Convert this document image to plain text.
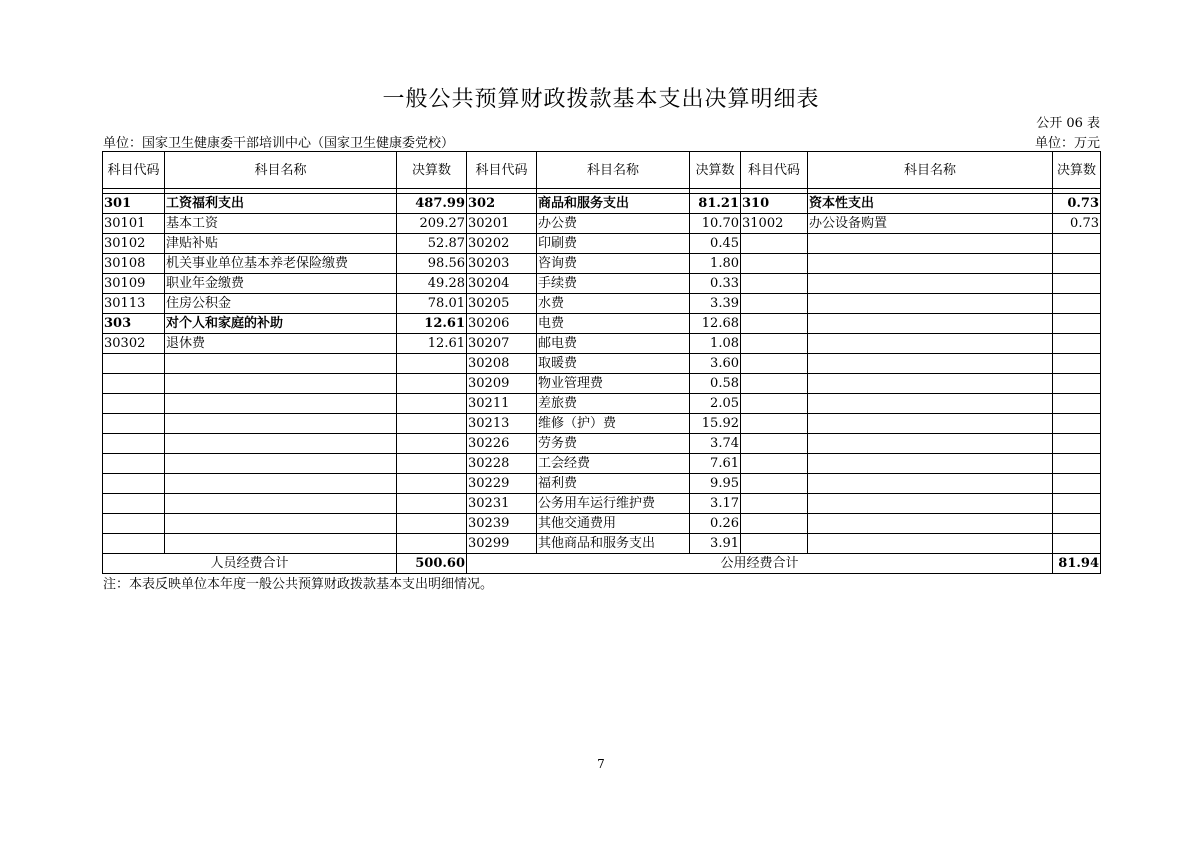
一般公共预算财政拨款基本支出决算明细表
公开 06 表
单位：国家卫生健康委干部培训中心（国家卫生健康委党校）	单位：万元
科目代码	科目名称	决算数	科目代码	科目名称	决算数	科目代码	科目名称	决算数

301	工资福利支出	487.99	302	商品和服务支出	81.21	310	资本性支出	0.73
30101	基本工资	209.27	30201	办公费	10.70	31002	办公设备购置	0.73
30102	津贴补贴	52.87	30202	印刷费	0.45			
30108	机关事业单位基本养老保险缴费	98.56	30203	咨询费	1.80			
30109	职业年金缴费	49.28	30204	手续费	0.33			
30113	住房公积金	78.01	30205	水费	3.39			
303	对个人和家庭的补助	12.61	30206	电费	12.68			
30302	退休费	12.61	30207	邮电费	1.08			
			30208	取暖费	3.60			
			30209	物业管理费	0.58			
			30211	差旅费	2.05			
			30213	维修（护）费	15.92			
			30226	劳务费	3.74			
			30228	工会经费	7.61			
			30229	福利费	9.95			
			30231	公务用车运行维护费	3.17			
			30239	其他交通费用	0.26			
			30299	其他商品和服务支出	3.91			
人员经费合计		500.60	公用经费合计					81.94
注：本表反映单位本年度一般公共预算财政拨款基本支出明细情况。
7
